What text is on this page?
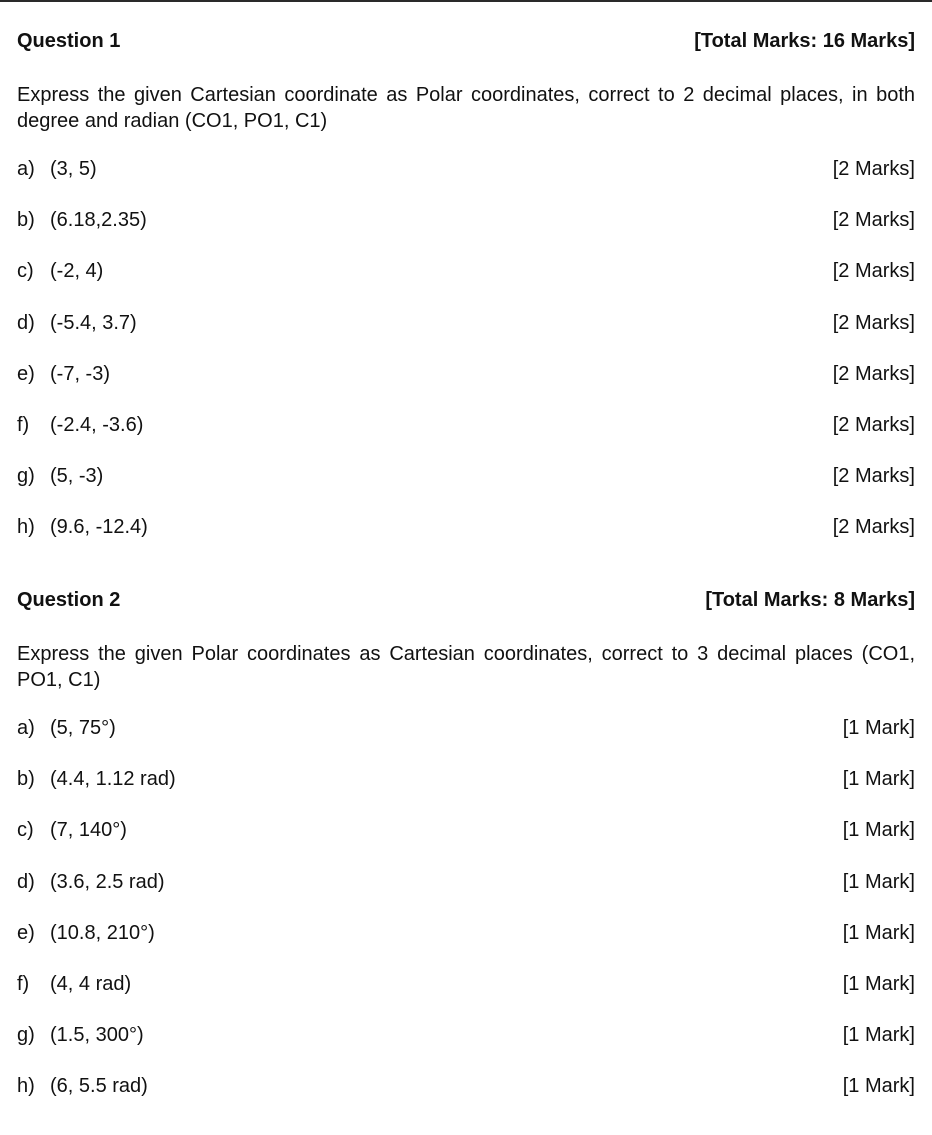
Question 1	[Total Marks: 16 Marks]
Express the given Cartesian coordinate as Polar coordinates, correct to 2 decimal places, in both degree and radian (CO1, PO1, C1)
a) (3, 5)	[2 Marks]
b) (6.18,2.35)	[2 Marks]
c) (-2, 4)	[2 Marks]
d) (-5.4, 3.7)	[2 Marks]
e) (-7, -3)	[2 Marks]
f) (-2.4, -3.6)	[2 Marks]
g) (5, -3)	[2 Marks]
h) (9.6, -12.4)	[2 Marks]
Question 2	[Total Marks: 8 Marks]
Express the given Polar coordinates as Cartesian coordinates, correct to 3 decimal places (CO1, PO1, C1)
a) (5, 75°)	[1 Mark]
b) (4.4, 1.12 rad)	[1 Mark]
c) (7, 140°)	[1 Mark]
d) (3.6, 2.5 rad)	[1 Mark]
e) (10.8, 210°)	[1 Mark]
f) (4, 4 rad)	[1 Mark]
g) (1.5, 300°)	[1 Mark]
h) (6, 5.5 rad)	[1 Mark]
